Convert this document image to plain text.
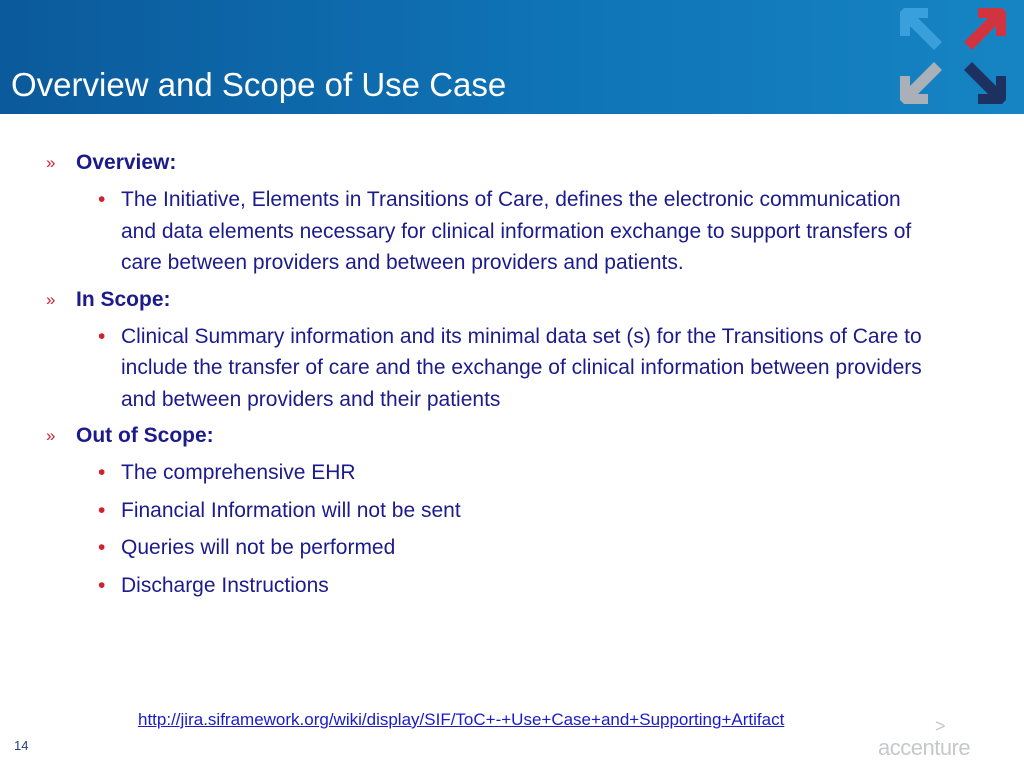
Overview and Scope of Use Case
» Overview:
• The Initiative, Elements in Transitions of Care, defines the electronic communication and data elements necessary for clinical information exchange to support transfers of care between providers and between providers and patients.
» In Scope:
• Clinical Summary information and its minimal data set (s) for the Transitions of Care to include the transfer of care and the exchange of clinical information between providers and between providers and their patients
» Out of Scope:
• The comprehensive EHR
• Financial Information will not be sent
• Queries will not be performed
• Discharge Instructions
http://jira.siframework.org/wiki/display/SIF/ToC+-+Use+Case+and+Supporting+Artifact
14
>
accenture
